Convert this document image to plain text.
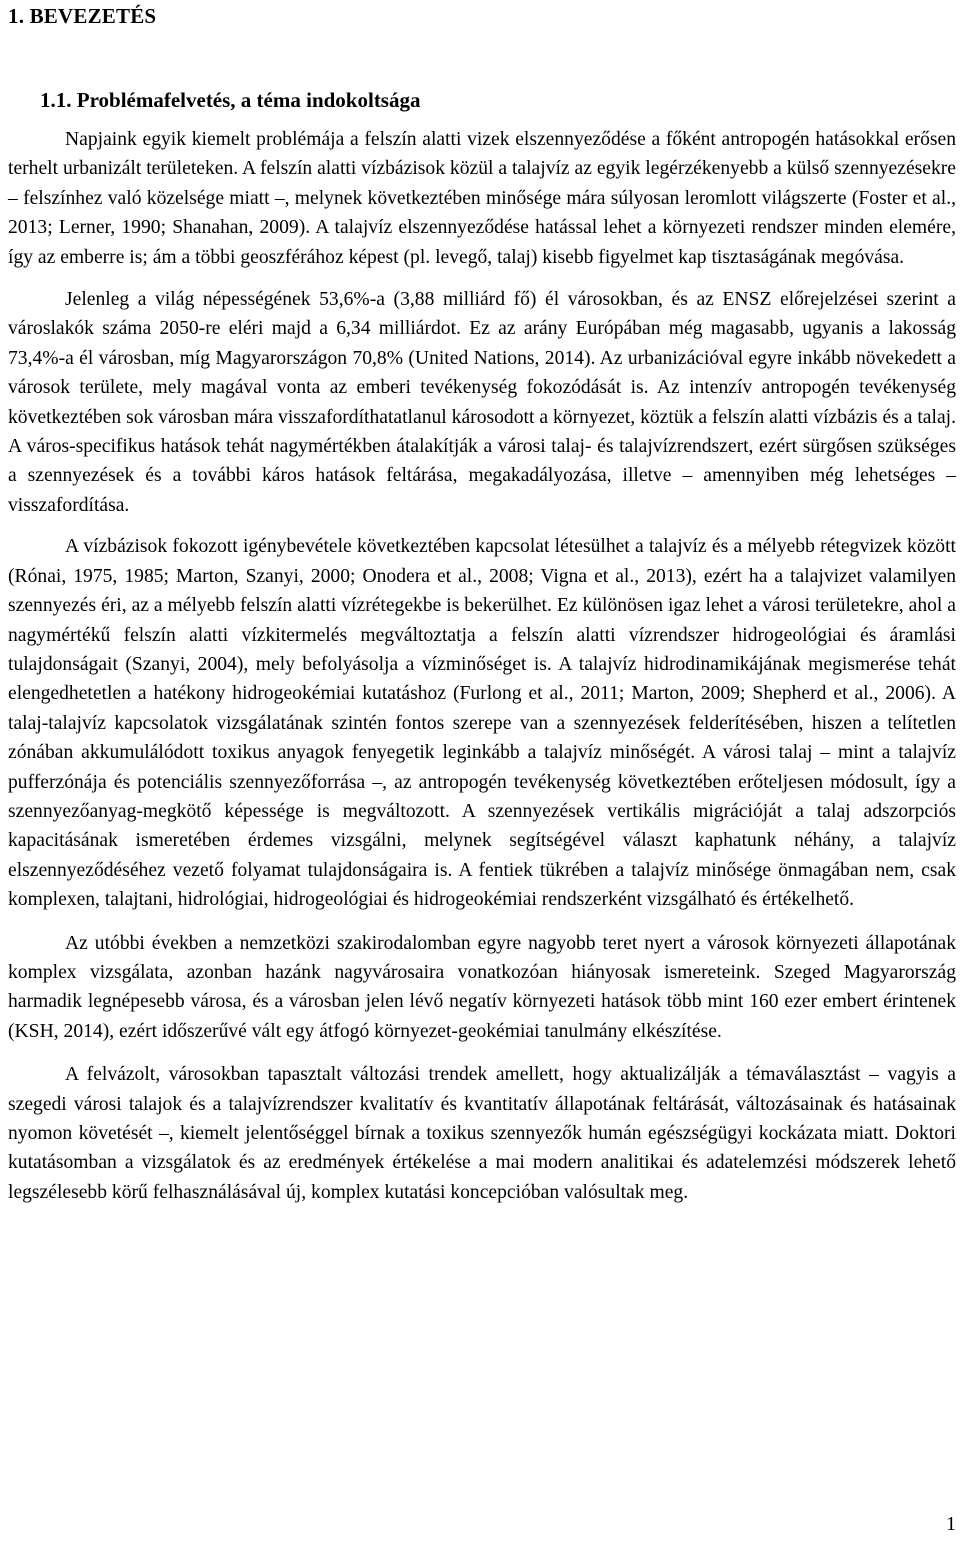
1. BEVEZETÉS
1.1. Problémafelvetés, a téma indokoltsága

Napjaink egyik kiemelt problémája a felszín alatti vizek elszennyeződése a főként antropogén hatásokkal erősen terhelt urbanizált területeken. A felszín alatti vízbázisok közül a talajvíz az egyik legérzékenyebb a külső szennyezésekre – felszínhez való közelsége miatt –, melynek következtében minősége mára súlyosan leromlott világszerte (Foster et al., 2013; Lerner, 1990; Shanahan, 2009). A talajvíz elszennyeződése hatással lehet a környezeti rendszer minden elemére, így az emberre is; ám a többi geoszférához képest (pl. levegő, talaj) kisebb figyelmet kap tisztaságának megóvása.

Jelenleg a világ népességének 53,6%-a (3,88 milliárd fő) él városokban, és az ENSZ előrejelzései szerint a városlakók száma 2050-re eléri majd a 6,34 milliárdot. Ez az arány Európában még magasabb, ugyanis a lakosság 73,4%-a él városban, míg Magyarországon 70,8% (United Nations, 2014). Az urbanizációval egyre inkább növekedett a városok területe, mely magával vonta az emberi tevékenység fokozódását is. Az intenzív antropogén tevékenység következtében sok városban mára visszafordíthatatlanul károsodott a környezet, köztük a felszín alatti vízbázis és a talaj. A város-specifikus hatások tehát nagymértékben átalakítják a városi talaj- és talajvízrendszert, ezért sürgősen szükséges a szennyezések és a további káros hatások feltárása, megakadályozása, illetve – amennyiben még lehetséges – visszafordítása.

A vízbázisok fokozott igénybevétele következtében kapcsolat létesülhet a talajvíz és a mélyebb rétegvizek között (Rónai, 1975, 1985; Marton, Szanyi, 2000; Onodera et al., 2008; Vigna et al., 2013), ezért ha a talajvizet valamilyen szennyezés éri, az a mélyebb felszín alatti vízrétegekbe is bekerülhet. Ez különösen igaz lehet a városi területekre, ahol a nagymértékű felszín alatti vízkitermelés megváltoztatja a felszín alatti vízrendszer hidrogeológiai és áramlási tulajdonságait (Szanyi, 2004), mely befolyásolja a vízminőséget is. A talajvíz hidrodinamikájának megismerése tehát elengedhetetlen a hatékony hidrogeokémiai kutatáshoz (Furlong et al., 2011; Marton, 2009; Shepherd et al., 2006). A talaj-talajvíz kapcsolatok vizsgálatának szintén fontos szerepe van a szennyezések felderítésében, hiszen a telítetlen zónában akkumulálódott toxikus anyagok fenyegetik leginkább a talajvíz minőségét. A városi talaj – mint a talajvíz pufferzónája és potenciális szennyezőforrása –, az antropogén tevékenység következtében erőteljesen módosult, így a szennyezőanyag-megkötő képessége is megváltozott. A szennyezések vertikális migrációját a talaj adszorpciós kapacitásának ismeretében érdemes vizsgálni, melynek segítségével választ kaphatunk néhány, a talajvíz elszennyeződéséhez vezető folyamat tulajdonságaira is. A fentiek tükrében a talajvíz minősége önmagában nem, csak komplexen, talajtani, hidrológiai, hidrogeológiai és hidrogeokémiai rendszerként vizsgálható és értékelhető.

Az utóbbi években a nemzetközi szakirodalomban egyre nagyobb teret nyert a városok környezeti állapotának komplex vizsgálata, azonban hazánk nagyvárosaira vonatkozóan hiányosak ismereteink. Szeged Magyarország harmadik legnépesebb városa, és a városban jelen lévő negatív környezeti hatások több mint 160 ezer embert érintenek (KSH, 2014), ezért időszerűvé vált egy átfogó környezet-geokémiai tanulmány elkészítése.

A felvázolt, városokban tapasztalt változási trendek amellett, hogy aktualizálják a témaválasztást – vagyis a szegedi városi talajok és a talajvízrendszer kvalitatív és kvantitatív állapotának feltárását, változásainak és hatásainak nyomon követését –, kiemelt jelentőséggel bírnak a toxikus szennyezők humán egészségügyi kockázata miatt. Doktori kutatásomban a vizsgálatok és az eredmények értékelése a mai modern analitikai és adatelemzési módszerek lehető legszélesebb körű felhasználásával új, komplex kutatási koncepcióban valósultak meg.

1
